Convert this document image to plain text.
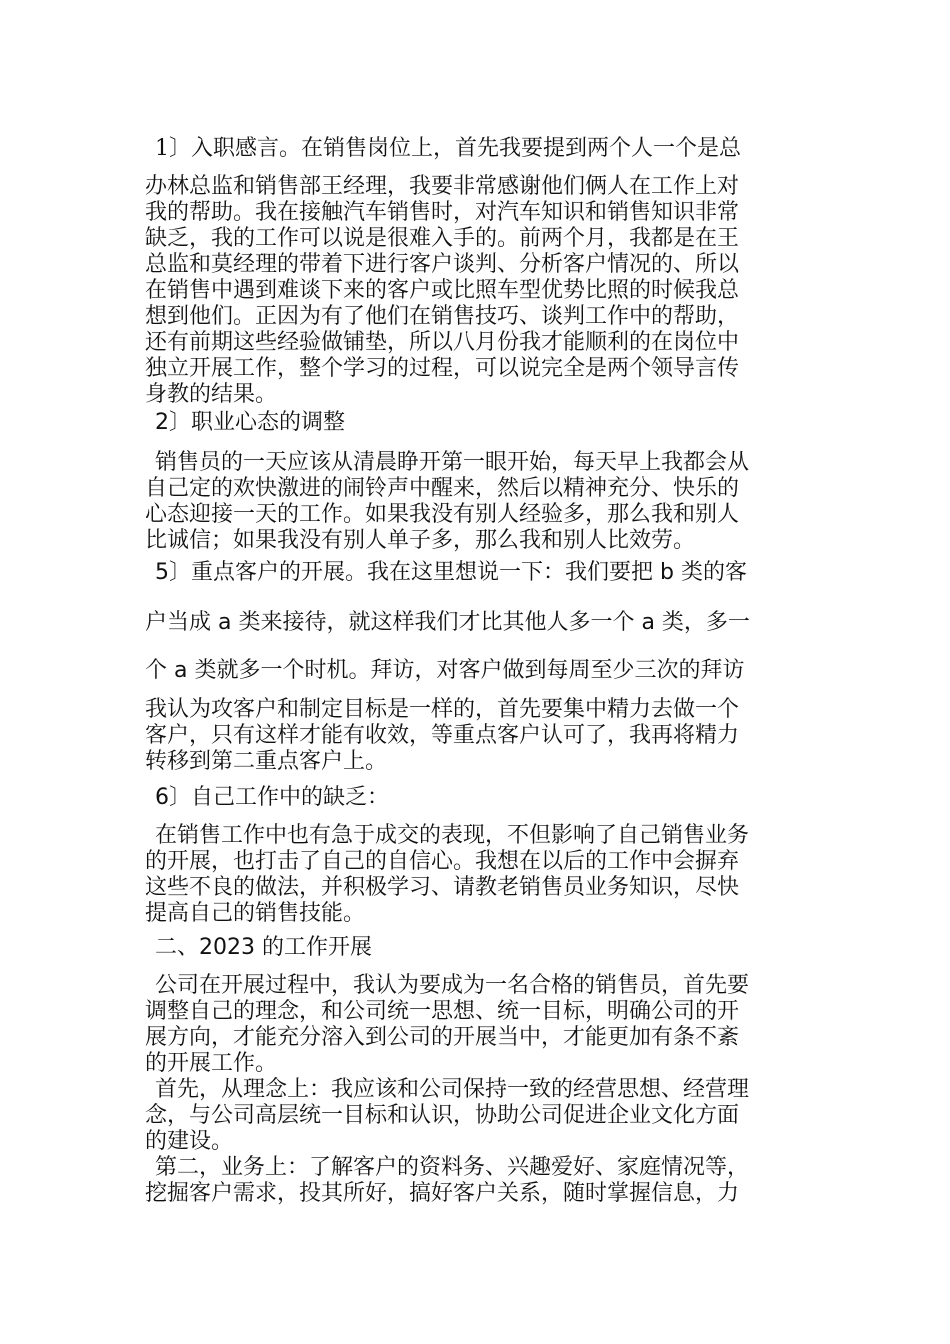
1〕入职感言。在销售岗位上，首先我要提到两个人一个是总
办林总监和销售部王经理，我要非常感谢他们俩人在工作上对
我的帮助。我在接触汽车销售时，对汽车知识和销售知识非常
缺乏，我的工作可以说是很难入手的。前两个月，我都是在王
总监和莫经理的带着下进行客户谈判、分析客户情况的、所以
在销售中遇到难谈下来的客户或比照车型优势比照的时候我总
想到他们。正因为有了他们在销售技巧、谈判工作中的帮助，
还有前期这些经验做铺垫，所以八月份我才能顺利的在岗位中
独立开展工作，整个学习的过程，可以说完全是两个领导言传
身教的结果。
2〕职业心态的调整
销售员的一天应该从清晨睁开第一眼开始，每天早上我都会从
自己定的欢快激进的闹铃声中醒来，然后以精神充分、快乐的
心态迎接一天的工作。如果我没有别人经验多，那么我和别人
比诚信；如果我没有别人单子多，那么我和别人比效劳。
5〕重点客户的开展。我在这里想说一下：我们要把 b 类的客
户当成 a 类来接待，就这样我们才比其他人多一个 a 类，多一
个 a 类就多一个时机。拜访，对客户做到每周至少三次的拜访
我认为攻客户和制定目标是一样的，首先要集中精力去做一个
客户，只有这样才能有收效，等重点客户认可了，我再将精力
转移到第二重点客户上。
6〕自己工作中的缺乏：
在销售工作中也有急于成交的表现，不但影响了自己销售业务
的开展，也打击了自己的自信心。我想在以后的工作中会摒弃
这些不良的做法，并积极学习、请教老销售员业务知识，尽快
提高自己的销售技能。
二、2023 的工作开展
公司在开展过程中，我认为要成为一名合格的销售员，首先要
调整自己的理念，和公司统一思想、统一目标，明确公司的开
展方向，才能充分溶入到公司的开展当中，才能更加有条不紊
的开展工作。
首先，从理念上：我应该和公司保持一致的经营思想、经营理
念，与公司高层统一目标和认识，协助公司促进企业文化方面
的建设。
第二，业务上：了解客户的资料务、兴趣爱好、家庭情况等，
挖掘客户需求，投其所好，搞好客户关系，随时掌握信息，力
